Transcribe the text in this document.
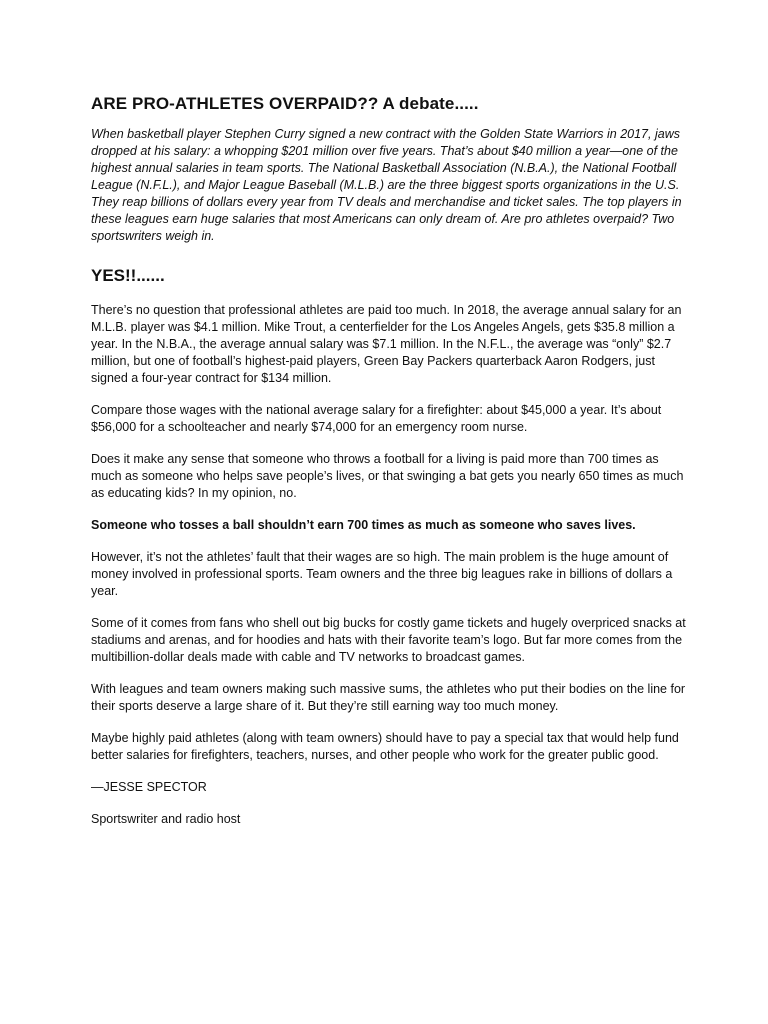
ARE PRO-ATHLETES OVERPAID?? A debate.....

When basketball player Stephen Curry signed a new contract with the Golden State Warriors in 2017, jaws dropped at his salary: a whopping $201 million over five years. That’s about $40 million a year—one of the highest annual salaries in team sports. The National Basketball Association (N.B.A.), the National Football League (N.F.L.), and Major League Baseball (M.L.B.) are the three biggest sports organizations in the U.S. They reap billions of dollars every year from TV deals and merchandise and ticket sales. The top players in these leagues earn huge salaries that most Americans can only dream of. Are pro athletes overpaid? Two sportswriters weigh in.

YES!!......

There’s no question that professional athletes are paid too much. In 2018, the average annual salary for an M.L.B. player was $4.1 million. Mike Trout, a centerfielder for the Los Angeles Angels, gets $35.8 million a year. In the N.B.A., the average annual salary was $7.1 million. In the N.F.L., the average was “only” $2.7 million, but one of football’s highest-paid players, Green Bay Packers quarterback Aaron Rodgers, just signed a four-year contract for $134 million.

Compare those wages with the national average salary for a firefighter: about $45,000 a year. It’s about $56,000 for a schoolteacher and nearly $74,000 for an emergency room nurse.

Does it make any sense that someone who throws a football for a living is paid more than 700 times as much as someone who helps save people’s lives, or that swinging a bat gets you nearly 650 times as much as educating kids? In my opinion, no.

Someone who tosses a ball shouldn’t earn 700 times as much as someone who saves lives.

However, it’s not the athletes’ fault that their wages are so high. The main problem is the huge amount of money involved in professional sports. Team owners and the three big leagues rake in billions of dollars a year.

Some of it comes from fans who shell out big bucks for costly game tickets and hugely overpriced snacks at stadiums and arenas, and for hoodies and hats with their favorite team’s logo. But far more comes from the multibillion-dollar deals made with cable and TV networks to broadcast games.

With leagues and team owners making such massive sums, the athletes who put their bodies on the line for their sports deserve a large share of it. But they’re still earning way too much money.

Maybe highly paid athletes (along with team owners) should have to pay a special tax that would help fund better salaries for firefighters, teachers, nurses, and other people who work for the greater public good.

—JESSE SPECTOR

Sportswriter and radio host
